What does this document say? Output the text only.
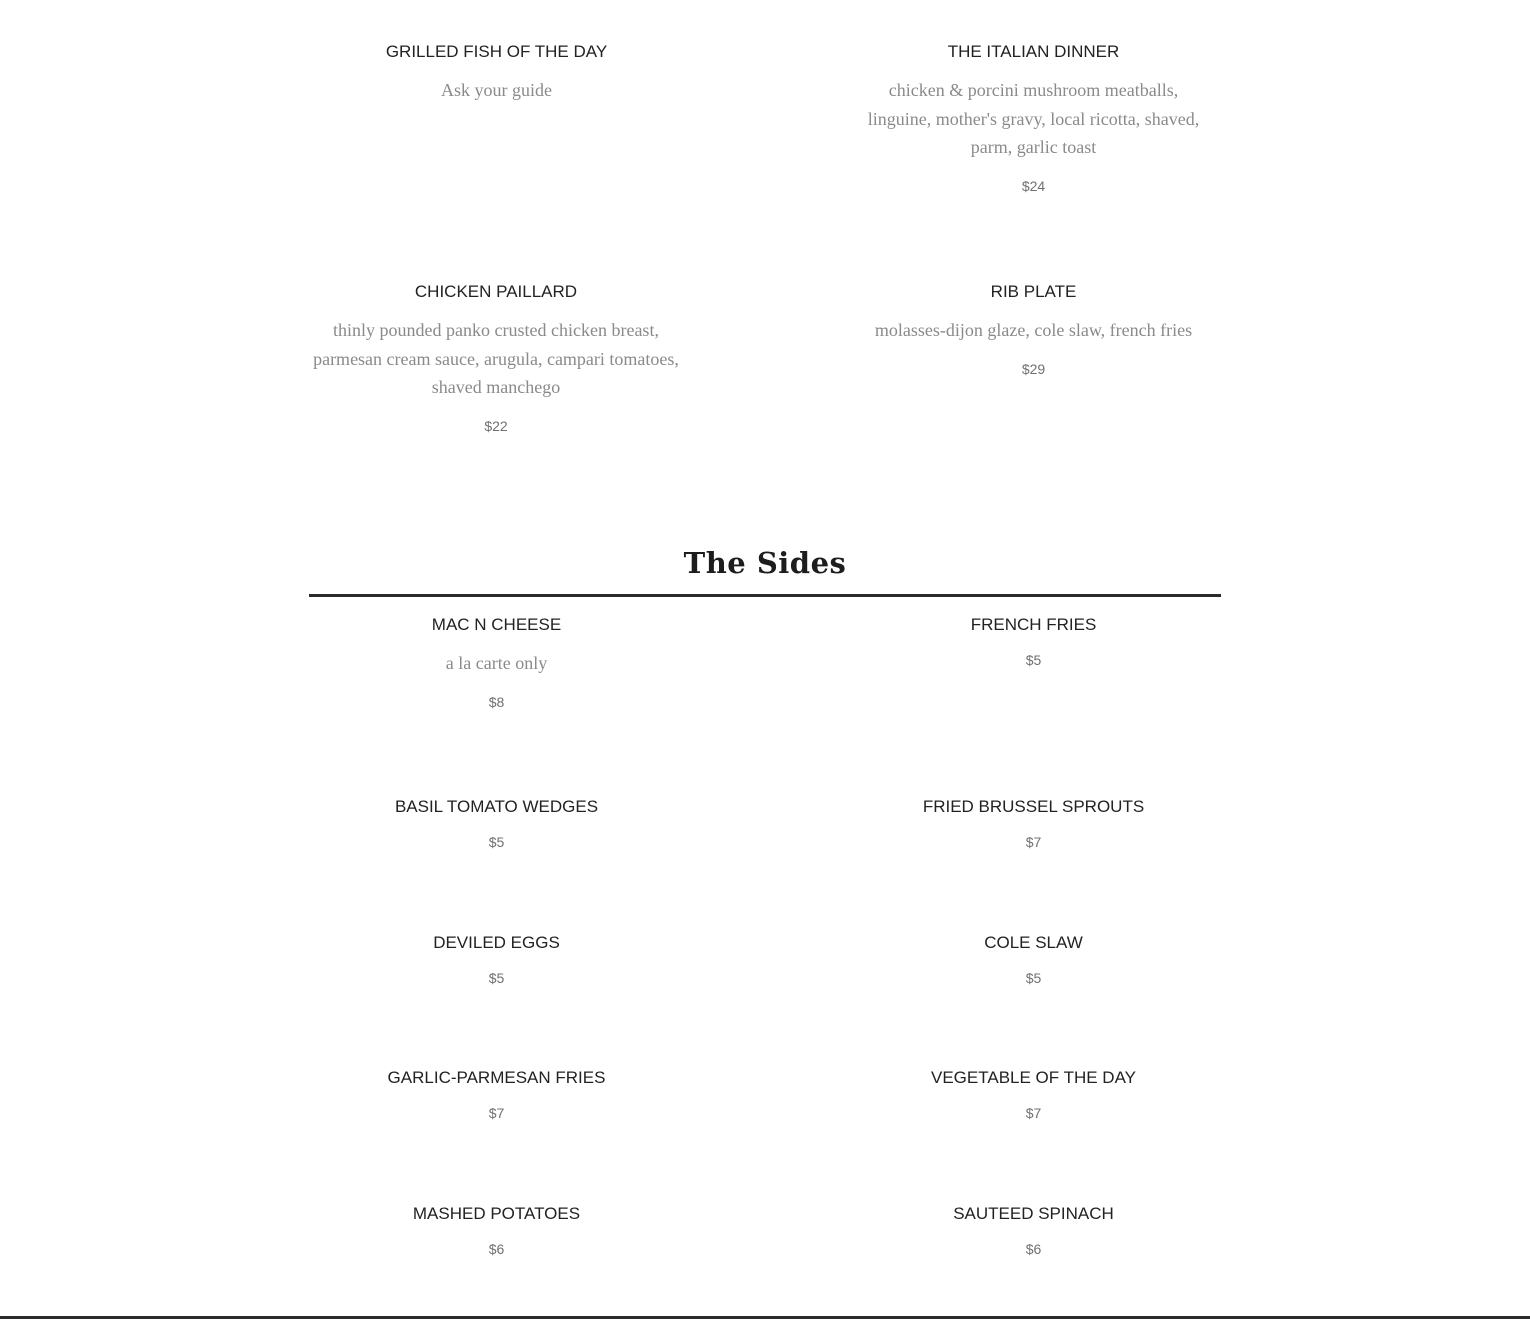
GRILLED FISH OF THE DAY
Ask your guide
THE ITALIAN DINNER
chicken & porcini mushroom meatballs, linguine, mother's gravy, local ricotta, shaved, parm, garlic toast
$24
CHICKEN PAILLARD
thinly pounded panko crusted chicken breast, parmesan cream sauce, arugula, campari tomatoes, shaved manchego
$22
RIB PLATE
molasses-dijon glaze, cole slaw, french fries
$29
The Sides
MAC N CHEESE
a la carte only
$8
FRENCH FRIES
$5
BASIL TOMATO WEDGES
$5
FRIED BRUSSEL SPROUTS
$7
DEVILED EGGS
$5
COLE SLAW
$5
GARLIC-PARMESAN FRIES
$7
VEGETABLE OF THE DAY
$7
MASHED POTATOES
$6
SAUTEED SPINACH
$6
